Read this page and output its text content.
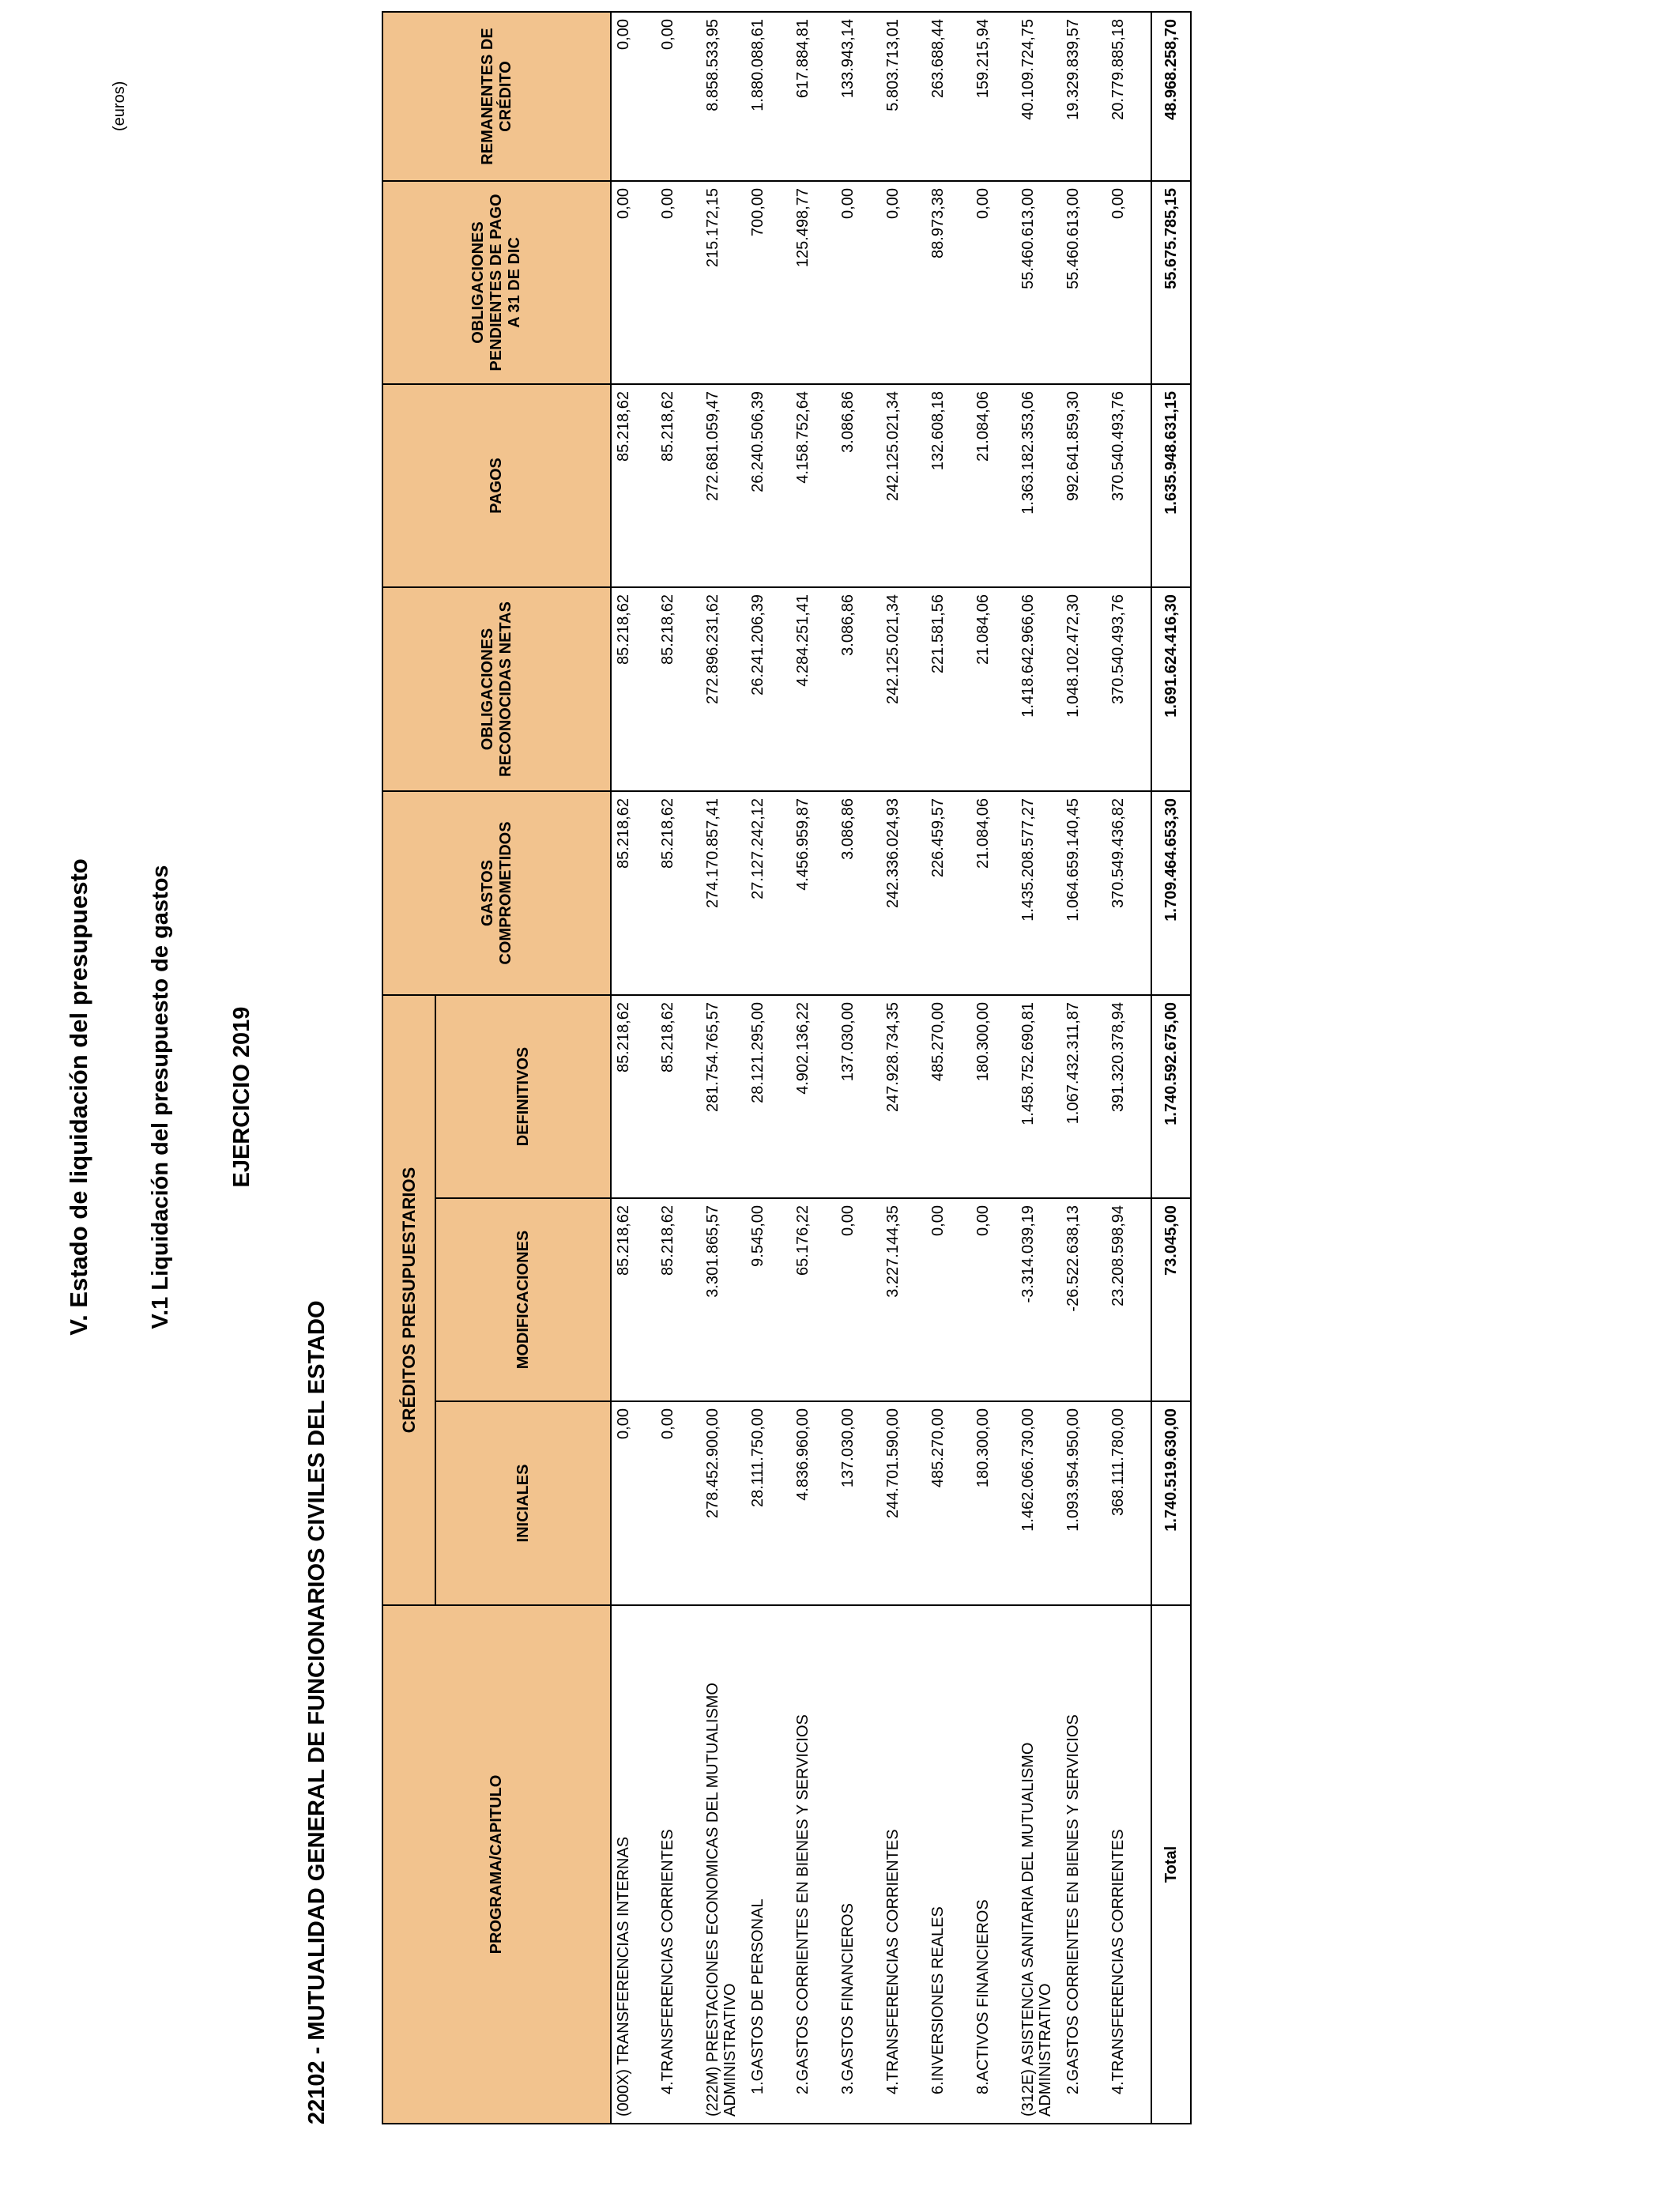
V. Estado de liquidación del presupuesto V.1 Liquidación del presupuesto de gastos EJERCICIO 2019
22102 - MUTUALIDAD GENERAL DE FUNCIONARIOS CIVILES DEL ESTADO
(euros)
PROGRAMA/CAPITULO	CRÉDITOS PRESUPUESTARIOS			GASTOS COMPROMETIDOS	OBLIGACIONES RECONOCIDAS NETAS	PAGOS	OBLIGACIONES PENDIENTES DE PAGO A 31 DE DIC	REMANENTES DE CRÉDITO
	INICIALES	MODIFICACIONES	DEFINITIVOS					
(000X) TRANSFERENCIAS INTERNAS	0,00	85.218,62	85.218,62	85.218,62	85.218,62	85.218,62	0,00	0,00
4.TRANSFERENCIAS CORRIENTES	0,00	85.218,62	85.218,62	85.218,62	85.218,62	85.218,62	0,00	0,00
(222M) PRESTACIONES ECONOMICAS DEL MUTUALISMO ADMINISTRATIVO	278.452.900,00	3.301.865,57	281.754.765,57	274.170.857,41	272.896.231,62	272.681.059,47	215.172,15	8.858.533,95
1.GASTOS DE PERSONAL	28.111.750,00	9.545,00	28.121.295,00	27.127.242,12	26.241.206,39	26.240.506,39	700,00	1.880.088,61
2.GASTOS CORRIENTES EN BIENES Y SERVICIOS	4.836.960,00	65.176,22	4.902.136,22	4.456.959,87	4.284.251,41	4.158.752,64	125.498,77	617.884,81
3.GASTOS FINANCIEROS	137.030,00	0,00	137.030,00	3.086,86	3.086,86	3.086,86	0,00	133.943,14
4.TRANSFERENCIAS CORRIENTES	244.701.590,00	3.227.144,35	247.928.734,35	242.336.024,93	242.125.021,34	242.125.021,34	0,00	5.803.713,01
6.INVERSIONES REALES	485.270,00	0,00	485.270,00	226.459,57	221.581,56	132.608,18	88.973,38	263.688,44
8.ACTIVOS FINANCIEROS	180.300,00	0,00	180.300,00	21.084,06	21.084,06	21.084,06	0,00	159.215,94
(312E) ASISTENCIA SANITARIA DEL MUTUALISMO ADMINISTRATIVO	1.462.066.730,00	-3.314.039,19	1.458.752.690,81	1.435.208.577,27	1.418.642.966,06	1.363.182.353,06	55.460.613,00	40.109.724,75
2.GASTOS CORRIENTES EN BIENES Y SERVICIOS	1.093.954.950,00	-26.522.638,13	1.067.432.311,87	1.064.659.140,45	1.048.102.472,30	992.641.859,30	55.460.613,00	19.329.839,57
4.TRANSFERENCIAS CORRIENTES	368.111.780,00	23.208.598,94	391.320.378,94	370.549.436,82	370.540.493,76	370.540.493,76	0,00	20.779.885,18
Total	1.740.519.630,00	73.045,00	1.740.592.675,00	1.709.464.653,30	1.691.624.416,30	1.635.948.631,15	55.675.785,15	48.968.258,70
